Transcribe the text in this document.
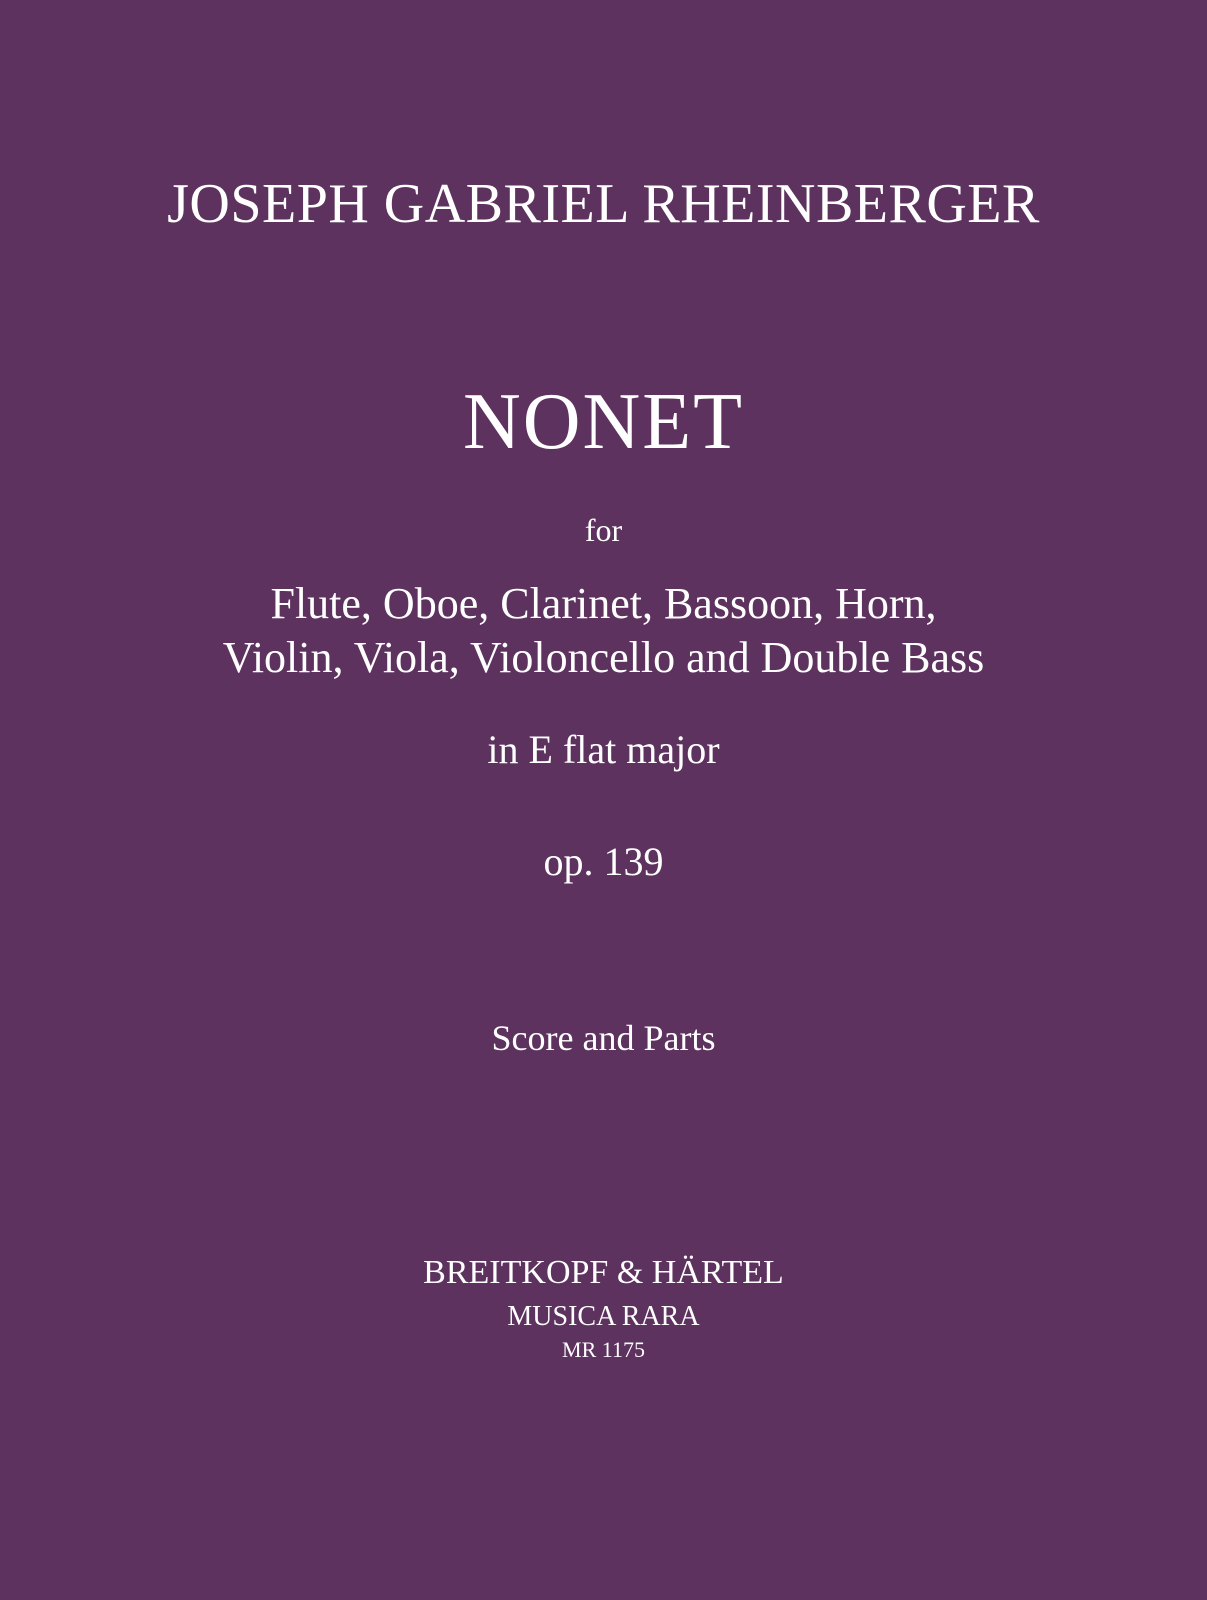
JOSEPH GABRIEL RHEINBERGER
NONET
for
Flute, Oboe, Clarinet, Bassoon, Horn,
Violin, Viola, Violoncello and Double Bass
in E flat major
op. 139
Score and Parts
BREITKOPF & HÄRTEL
MUSICA RARA
MR 1175
